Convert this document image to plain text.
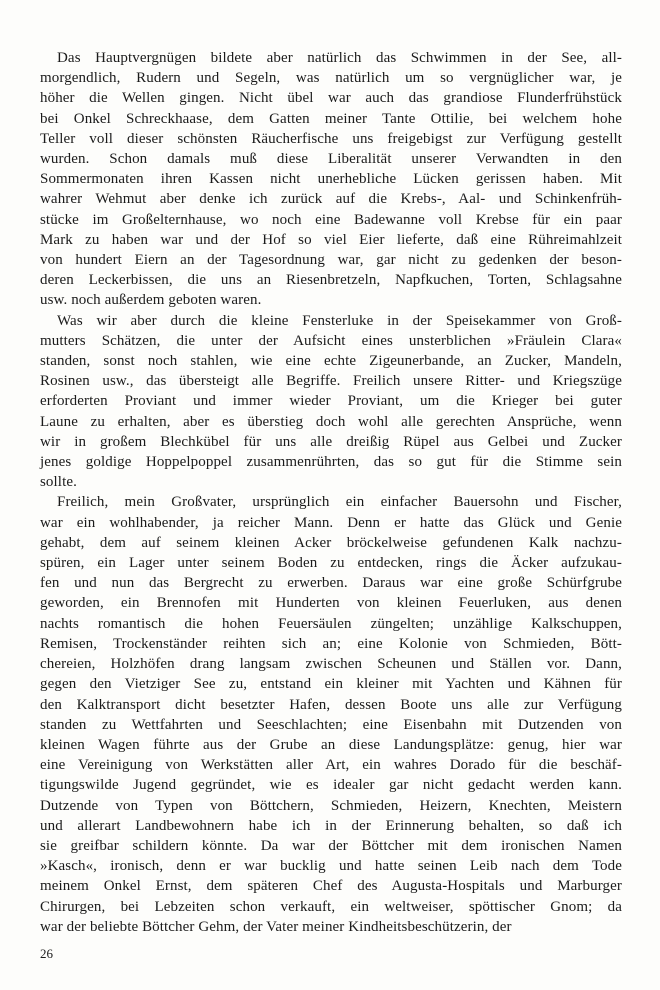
Das Hauptvergnügen bildete aber natürlich das Schwimmen in der See, all-
morgendlich, Rudern und Segeln, was natürlich um so vergnüglicher war, je
höher die Wellen gingen. Nicht übel war auch das grandiose Flunderfrühstück
bei Onkel Schreckhaase, dem Gatten meiner Tante Ottilie, bei welchem hohe
Teller voll dieser schönsten Räucherfische uns freigebigst zur Verfügung gestellt
wurden. Schon damals muß diese Liberalität unserer Verwandten in den
Sommermonaten ihren Kassen nicht unerhebliche Lücken gerissen haben. Mit
wahrer Wehmut aber denke ich zurück auf die Krebs-, Aal- und Schinkenfrüh-
stücke im Großelternhause, wo noch eine Badewanne voll Krebse für ein paar
Mark zu haben war und der Hof so viel Eier lieferte, daß eine Rühreimahlzeit
von hundert Eiern an der Tagesordnung war, gar nicht zu gedenken der beson-
deren Leckerbissen, die uns an Riesenbretzeln, Napfkuchen, Torten, Schlagsahne
usw. noch außerdem geboten waren.
Was wir aber durch die kleine Fensterluke in der Speisekammer von Groß-
mutters Schätzen, die unter der Aufsicht eines unsterblichen »Fräulein Clara«
standen, sonst noch stahlen, wie eine echte Zigeunerbande, an Zucker, Mandeln,
Rosinen usw., das übersteigt alle Begriffe. Freilich unsere Ritter- und Kriegszüge
erforderten Proviant und immer wieder Proviant, um die Krieger bei guter
Laune zu erhalten, aber es überstieg doch wohl alle gerechten Ansprüche, wenn
wir in großem Blechkübel für uns alle dreißig Rüpel aus Gelbei und Zucker
jenes goldige Hoppelpoppel zusammenrührten, das so gut für die Stimme sein
sollte.
Freilich, mein Großvater, ursprünglich ein einfacher Bauersohn und Fischer,
war ein wohlhabender, ja reicher Mann. Denn er hatte das Glück und Genie
gehabt, dem auf seinem kleinen Acker bröckelweise gefundenen Kalk nachzu-
spüren, ein Lager unter seinem Boden zu entdecken, rings die Äcker aufzukau-
fen und nun das Bergrecht zu erwerben. Daraus war eine große Schürfgrube
geworden, ein Brennofen mit Hunderten von kleinen Feuerluken, aus denen
nachts romantisch die hohen Feuersäulen züngelten; unzählige Kalkschuppen,
Remisen, Trockenständer reihten sich an; eine Kolonie von Schmieden, Bött-
chereien, Holzhöfen drang langsam zwischen Scheunen und Ställen vor. Dann,
gegen den Vietziger See zu, entstand ein kleiner mit Yachten und Kähnen für
den Kalktransport dicht besetzter Hafen, dessen Boote uns alle zur Verfügung
standen zu Wettfahrten und Seeschlachten; eine Eisenbahn mit Dutzenden von
kleinen Wagen führte aus der Grube an diese Landungsplätze: genug, hier war
eine Vereinigung von Werkstätten aller Art, ein wahres Dorado für die beschäf-
tigungswilde Jugend gegründet, wie es idealer gar nicht gedacht werden kann.
Dutzende von Typen von Böttchern, Schmieden, Heizern, Knechten, Meistern
und allerart Landbewohnern habe ich in der Erinnerung behalten, so daß ich
sie greifbar schildern könnte. Da war der Böttcher mit dem ironischen Namen
»Kasch«, ironisch, denn er war bucklig und hatte seinen Leib nach dem Tode
meinem Onkel Ernst, dem späteren Chef des Augusta-Hospitals und Marburger
Chirurgen, bei Lebzeiten schon verkauft, ein weltweiser, spöttischer Gnom; da
war der beliebte Böttcher Gehm, der Vater meiner Kindheitsbeschützerin, der
26
